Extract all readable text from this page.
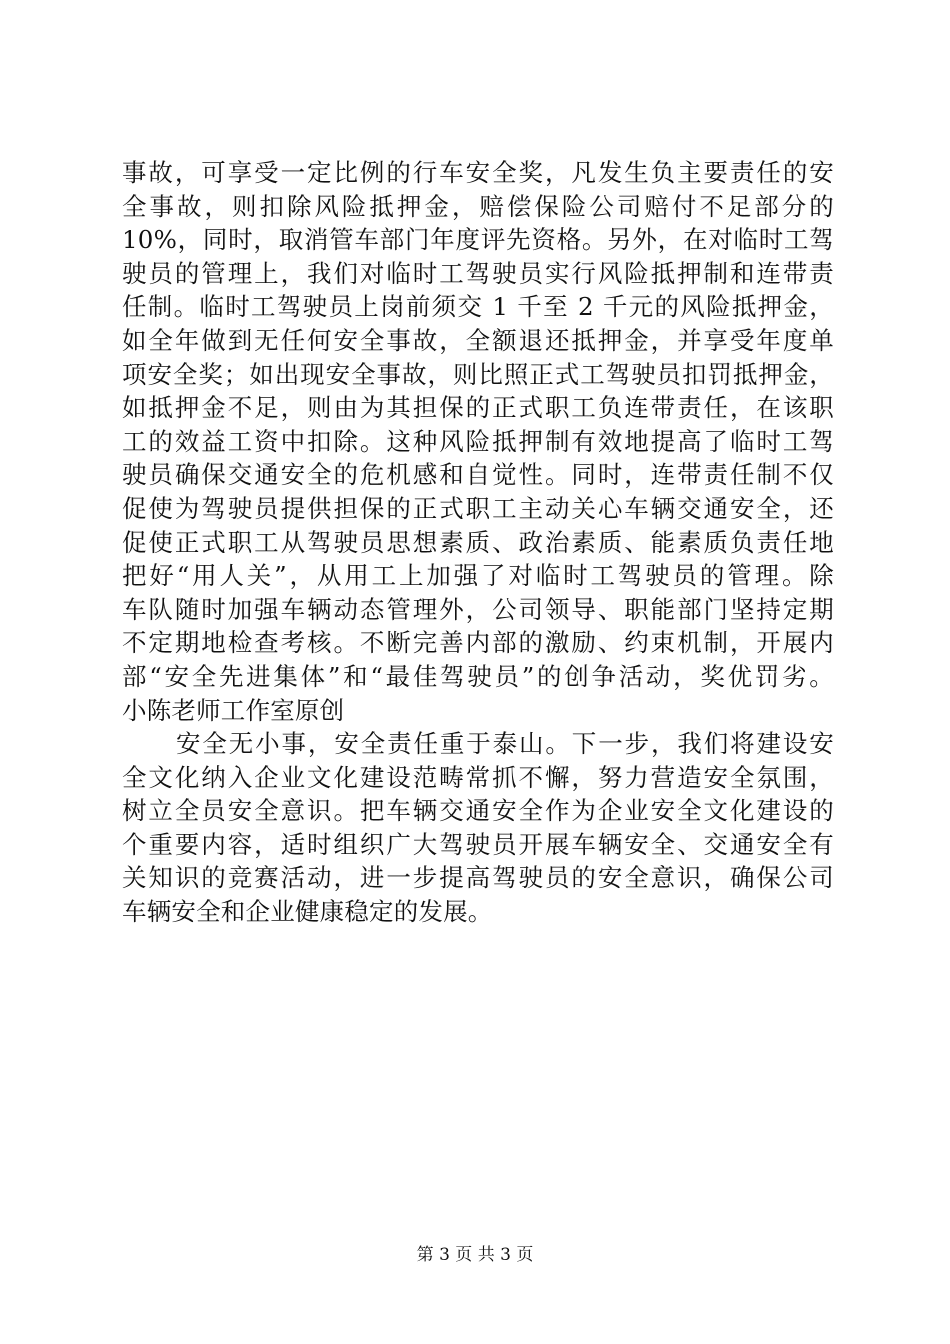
事故，可享受一定比例的行车安全奖，凡发生负主要责任的安
全事故，则扣除风险抵押金，赔偿保险公司赔付不足部分的
10%，同时，取消管车部门年度评先资格。另外，在对临时工驾
驶员的管理上，我们对临时工驾驶员实行风险抵押制和连带责
任制。临时工驾驶员上岗前须交 1 千至 2 千元的风险抵押金，
如全年做到无任何安全事故，全额退还抵押金，并享受年度单
项安全奖；如出现安全事故，则比照正式工驾驶员扣罚抵押金，
如抵押金不足，则由为其担保的正式职工负连带责任，在该职
工的效益工资中扣除。这种风险抵押制有效地提高了临时工驾
驶员确保交通安全的危机感和自觉性。同时，连带责任制不仅
促使为驾驶员提供担保的正式职工主动关心车辆交通安全，还
促使正式职工从驾驶员思想素质、政治素质、能素质负责任地
把好“用人关”，从用工上加强了对临时工驾驶员的管理。除
车队随时加强车辆动态管理外，公司领导、职能部门坚持定期
不定期地检查考核。不断完善内部的激励、约束机制，开展内
部“安全先进集体”和“最佳驾驶员”的创争活动，奖优罚劣。
小陈老师工作室原创
安全无小事，安全责任重于泰山。下一步，我们将建设安
全文化纳入企业文化建设范畴常抓不懈，努力营造安全氛围，
树立全员安全意识。把车辆交通安全作为企业安全文化建设的
个重要内容，适时组织广大驾驶员开展车辆安全、交通安全有
关知识的竞赛活动，进一步提高驾驶员的安全意识，确保公司
车辆安全和企业健康稳定的发展。
第 3 页 共 3 页
